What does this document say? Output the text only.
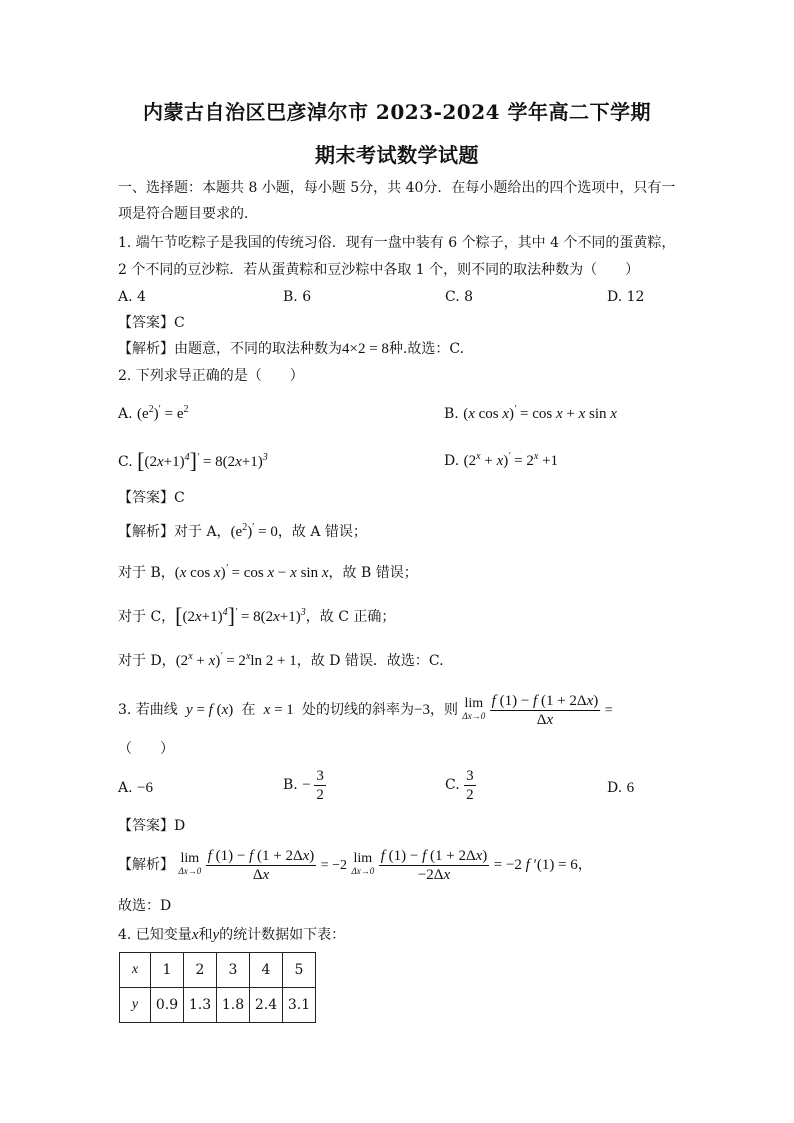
内蒙古自治区巴彦淖尔市 2023-2024 学年高二下学期
期末考试数学试题
一、选择题：本题共 8 小题，每小题 5分，共 40分．在每小题给出的四个选项中，只有一
项是符合题目要求的．
1. 端午节吃粽子是我国的传统习俗．现有一盘中装有 6 个粽子，其中 4 个不同的蛋黄粽，
2 个不同的豆沙粽．若从蛋黄粽和豆沙粽中各取 1 个，则不同的取法种数为（　　）
A. 4	B. 6	C. 8	D. 12
【答案】C
【解析】由题意，不同的取法种数为4×2 = 8种.故选：C.
2. 下列求导正确的是（　　）
A. $(e^2)' = e^2$	B. (x cos x)′ = cos x + x sin x
C. $[(2x+1)^4]' = 8(2x+1)^3$	D. $(2^x + x)' = 2^x +1$
【答案】C
【解析】对于 A，$(e^2)' = 0$，故 A 错误；
对于 B，(x cos x)′ = cos x − x sin x，故 B 错误；
对于 C，$[(2x+1)^4]' = 8(2x+1)^3$，故 C 正确；
对于 D，$(2^x + x)' = 2^x\ln$ 2 + 1，故 D 错误．故选：C.
3. 若曲线  y = f (x) 在  x = 1 处的切线的斜率为−3，则 lim
Δx→0
$\frac{f (1) - f (1 + 2\Delta x)}{\Delta x}$ =
（　　）
A. −6	B. − $\frac{3}{2}$	C. $\frac{3}{2}$	D. 6
【答案】D
【解析】 lim
Δx→0
$\frac{f (1) - f (1 + 2\Delta x)}{\Delta x} = -2$ lim
Δx→0
$\frac{f (1) - f (1 + 2\Delta x)}{-2\Delta x} = -2$ f ′(1) = 6，
故选：D
4. 已知变量x和y的统计数据如下表：
x	1	2	3	4	5
y	0.9	1.3	1.8	2.4	3.1
